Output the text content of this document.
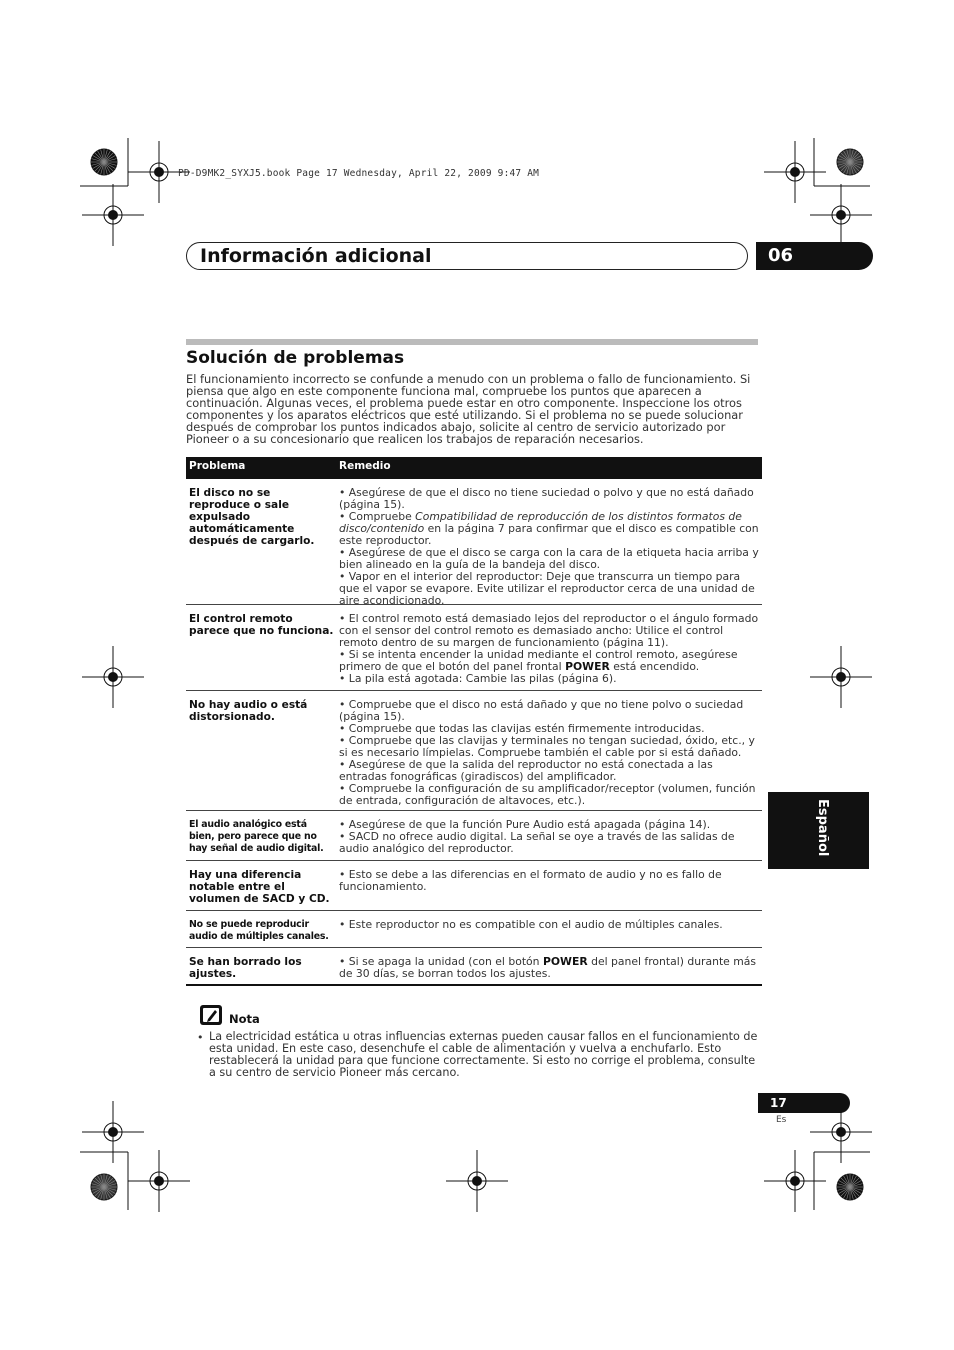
PD-D9MK2_SYXJ5.book Page 17 Wednesday, April 22, 2009 9:47 AM
Información adicional	06
Solución de problemas

El funcionamiento incorrecto se confunde a menudo con un problema o fallo de funcionamiento. Si piensa que algo en este componente funciona mal, compruebe los puntos que aparecen a continuación. Algunas veces, el problema puede estar en otro componente. Inspeccione los otros componentes y los aparatos eléctricos que esté utilizando. Si el problema no se puede solucionar después de comprobar los puntos indicados abajo, solicite al centro de servicio autorizado por Pioneer o a su concesionario que realicen los trabajos de reparación necesarios.

Problema	Remedio
El disco no se reproduce o sale expulsado automáticamente después de cargarlo.

• Asegúrese de que el disco no tiene suciedad o polvo y que no está dañado (página 15).

• Compruebe Compatibilidad de reproducción de los distintos formatos de disco/contenido en la página 7 para confirmar que el disco es compatible con este reproductor.

• Asegúrese de que el disco se carga con la cara de la etiqueta hacia arriba y bien alineado en la guía de la bandeja del disco.

• Vapor en el interior del reproductor: Deje que transcurra un tiempo para que el vapor se evapore. Evite utilizar el reproductor cerca de una unidad de aire acondicionado.

El control remoto parece que no funciona.

• El control remoto está demasiado lejos del reproductor o el ángulo formado con el sensor del control remoto es demasiado ancho: Utilice el control remoto dentro de su margen de funcionamiento (página 11).

• Si se intenta encender la unidad mediante el control remoto, asegúrese primero de que el botón del panel frontal POWER está encendido.

• La pila está agotada: Cambie las pilas (página 6).

No hay audio o está distorsionado.

• Compruebe que el disco no está dañado y que no tiene polvo o suciedad (página 15).

• Compruebe que todas las clavijas estén firmemente introducidas.

• Compruebe que las clavijas y terminales no tengan suciedad, óxido, etc., y si es necesario límpielas. Compruebe también el cable por si está dañado.

• Asegúrese de que la salida del reproductor no está conectada a las entradas fonográficas (giradiscos) del amplificador.

• Compruebe la configuración de su amplificador/receptor (volumen, función de entrada, configuración de altavoces, etc.).

El audio analógico está bien, pero parece que no hay señal de audio digital.

• Asegúrese de que la función Pure Audio está apagada (página 14).

• SACD no ofrece audio digital. La señal se oye a través de las salidas de audio analógico del reproductor.

Hay una diferencia notable entre el volumen de SACD y CD.

• Esto se debe a las diferencias en el formato de audio y no es fallo de funcionamiento.

No se puede reproducir audio de múltiples canales.

• Este reproductor no es compatible con el audio de múltiples canales.

Se han borrado los ajustes.

• Si se apaga la unidad (con el botón POWER del panel frontal) durante más de 30 días, se borran todos los ajustes.

Nota
• La electricidad estática u otras influencias externas pueden causar fallos en el funcionamiento de esta unidad. En este caso, desenchufe el cable de alimentación y vuelva a enchufarlo. Esto restablecerá la unidad para que funcione correctamente. Si esto no corrige el problema, consulte a su centro de servicio Pioneer más cercano.

Español
17
Es
